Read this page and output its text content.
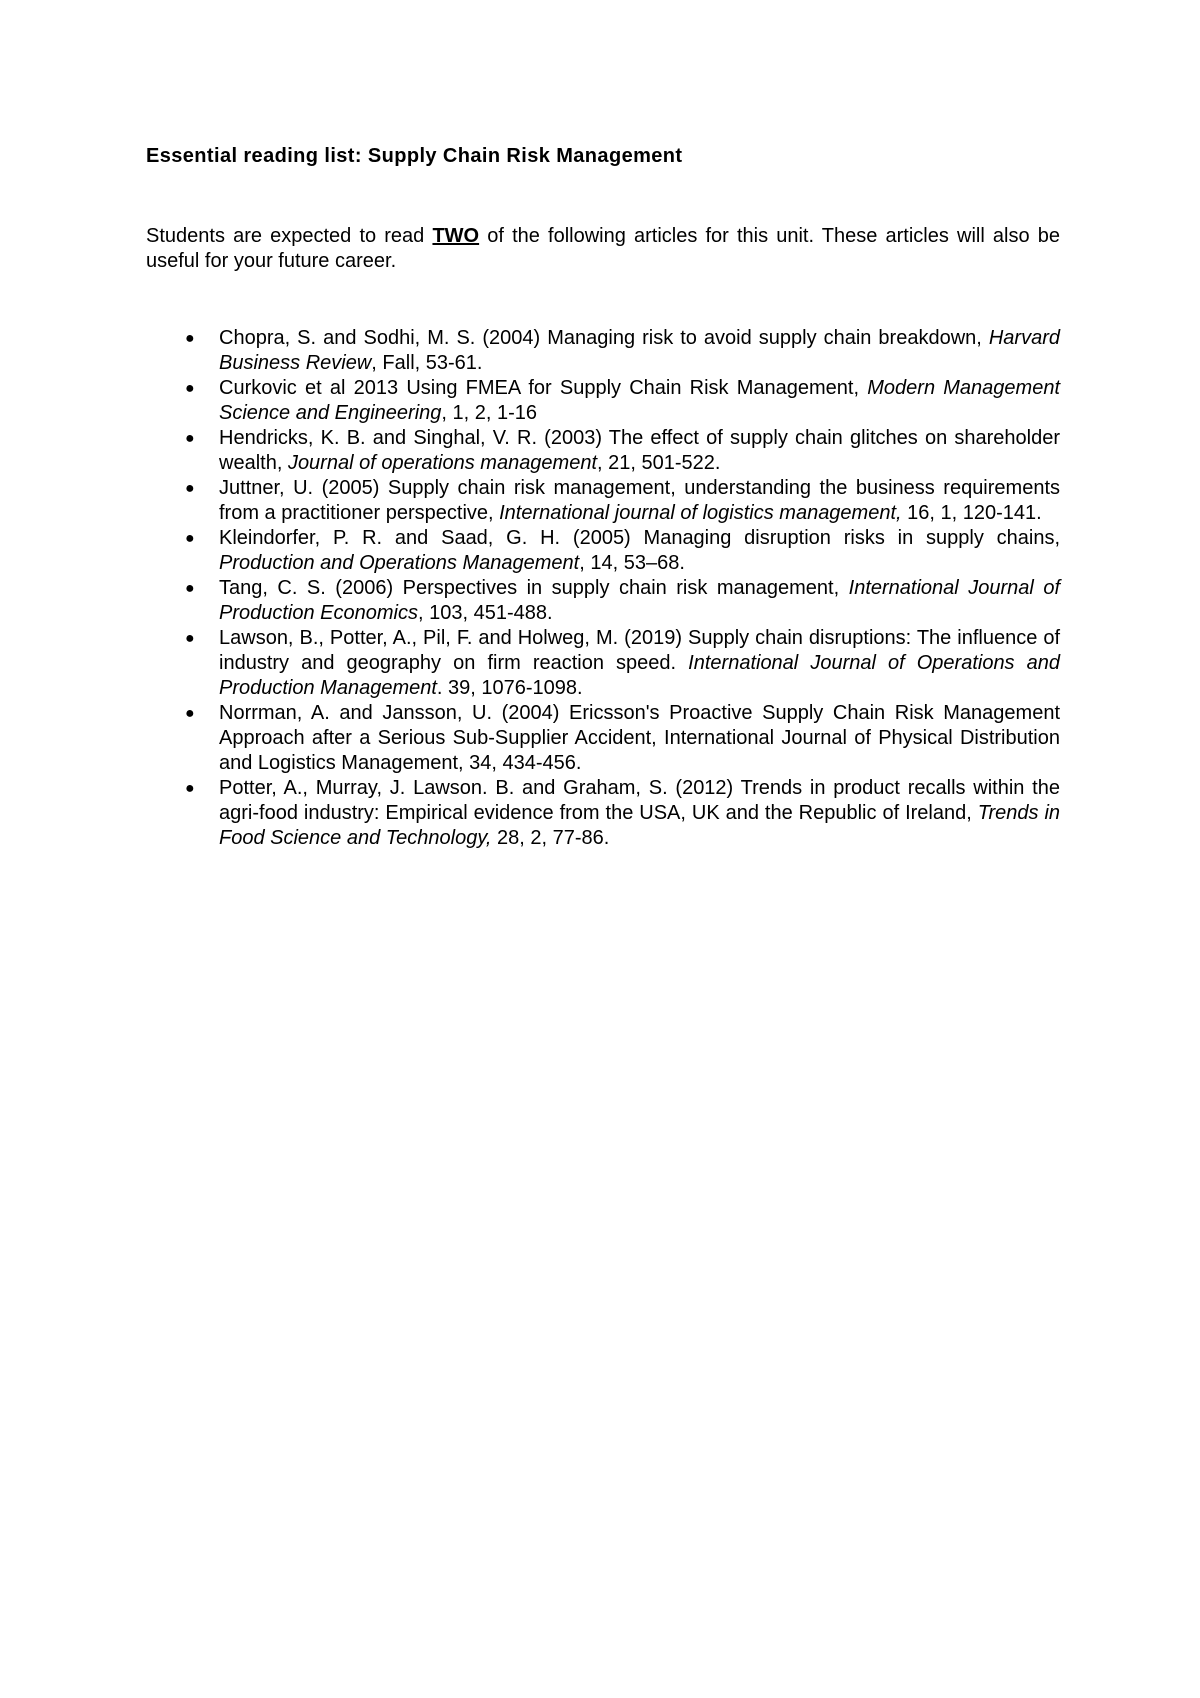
Essential reading list: Supply Chain Risk Management

Students are expected to read TWO of the following articles for this unit. These articles will also be useful for your future career.

● Chopra, S. and Sodhi, M. S. (2004) Managing risk to avoid supply chain breakdown, Harvard Business Review, Fall, 53-61.
● Curkovic et al 2013 Using FMEA for Supply Chain Risk Management, Modern Management Science and Engineering, 1, 2, 1-16
● Hendricks, K. B. and Singhal, V. R. (2003) The effect of supply chain glitches on shareholder wealth, Journal of operations management, 21, 501-522.
● Juttner, U. (2005) Supply chain risk management, understanding the business requirements from a practitioner perspective, International journal of logistics management, 16, 1, 120-141.
● Kleindorfer, P. R. and Saad, G. H. (2005) Managing disruption risks in supply chains, Production and Operations Management, 14, 53–68.
● Tang, C. S. (2006) Perspectives in supply chain risk management, International Journal of Production Economics, 103, 451-488.
● Lawson, B., Potter, A., Pil, F. and Holweg, M. (2019) Supply chain disruptions: The influence of industry and geography on firm reaction speed. International Journal of Operations and Production Management. 39, 1076-1098.
● Norrman, A. and Jansson, U. (2004) Ericsson's Proactive Supply Chain Risk Management Approach after a Serious Sub-Supplier Accident, International Journal of Physical Distribution and Logistics Management, 34, 434-456.
● Potter, A., Murray, J. Lawson. B. and Graham, S. (2012) Trends in product recalls within the agri-food industry: Empirical evidence from the USA, UK and the Republic of Ireland, Trends in Food Science and Technology, 28, 2, 77-86.
